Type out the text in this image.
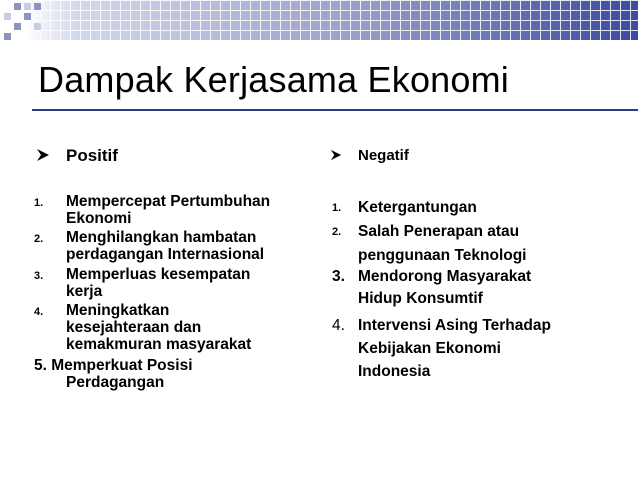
Dampak Kerjasama Ekonomi
Positif
1. Mempercepat Pertumbuhan
Ekonomi
2. Menghilangkan hambatan
perdagangan Internasional
3. Memperluas kesempatan
kerja
4. Meningkatkan
kesejahteraan dan
kemakmuran masyarakat
5. Memperkuat Posisi
Perdagangan
Negatif
1. Ketergantungan
2. Salah Penerapan atau
penggunaan Teknologi
3. Mendorong Masyarakat
Hidup Konsumtif
4. Intervensi Asing Terhadap
Kebijakan Ekonomi
Indonesia
